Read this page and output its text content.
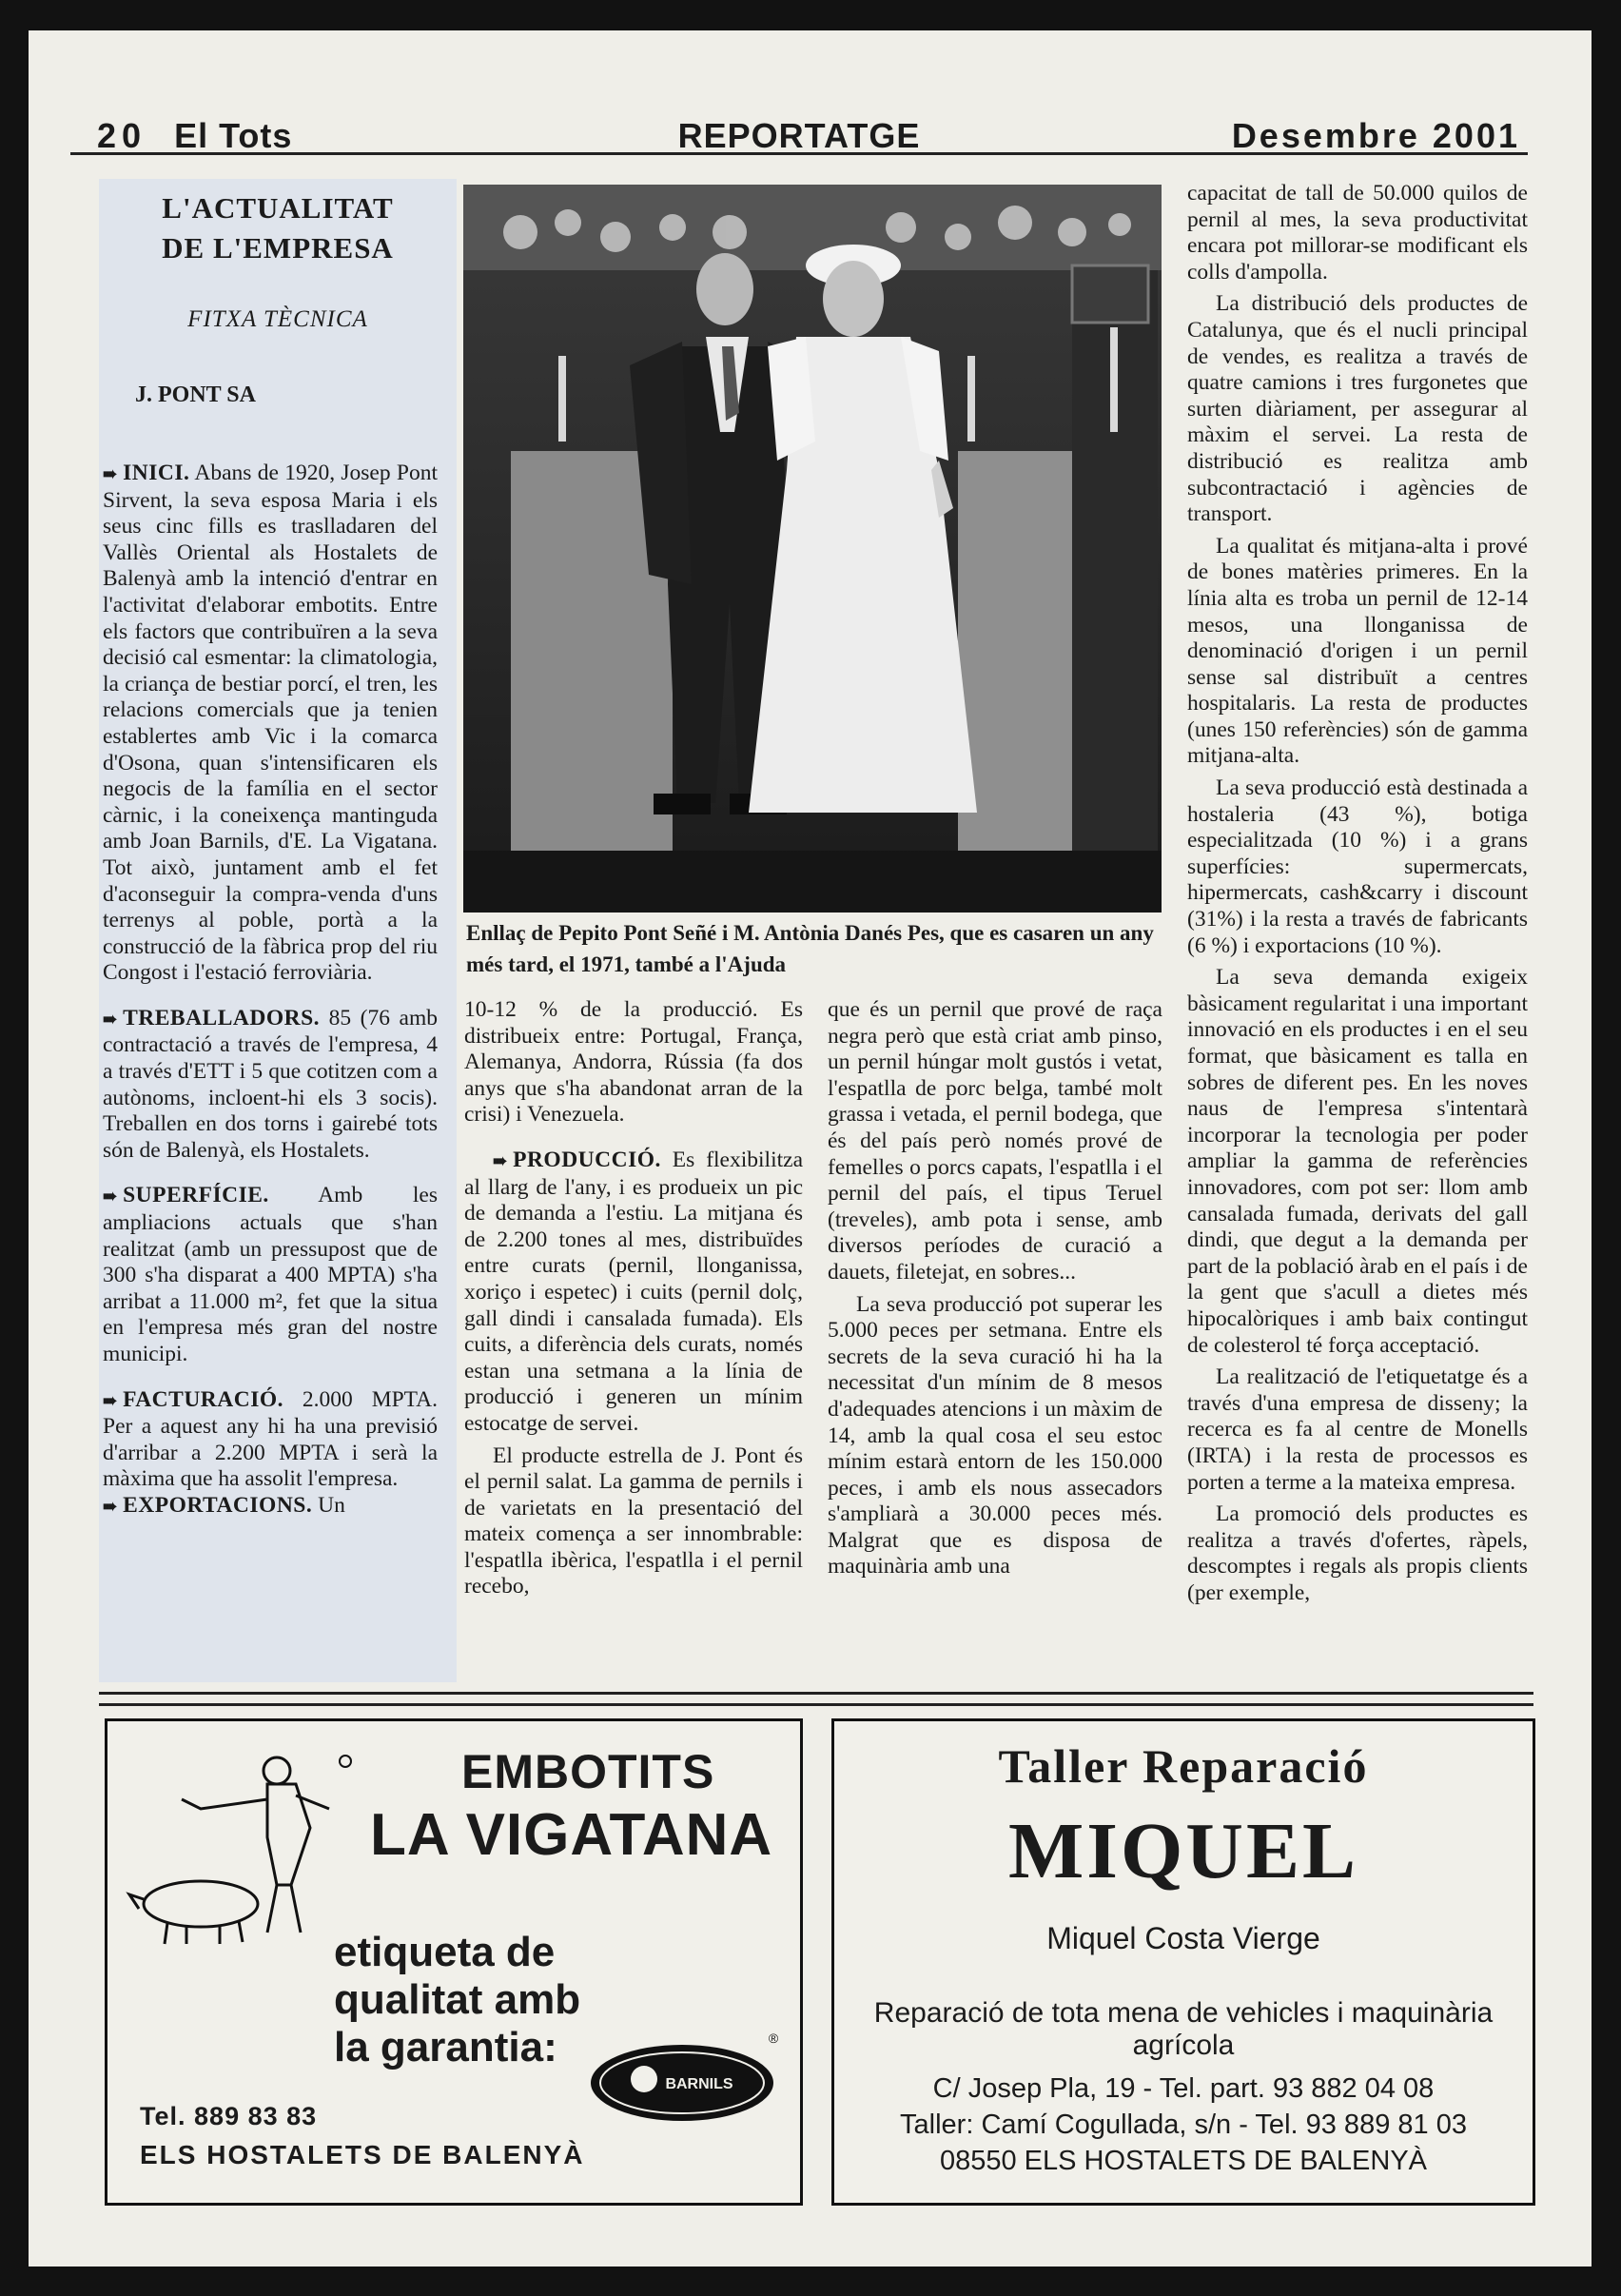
20 El Tots	REPORTATGE	Desembre 2001
L'ACTUALITAT
DE L'EMPRESA
FITXA TÈCNICA
J. PONT SA

➠ INICI. Abans de 1920, Josep Pont Sirvent, la seva esposa Maria i els seus cinc fills es traslladaren del Vallès Oriental als Hostalets de Balenyà amb la intenció d'entrar en l'activitat d'elaborar embotits. Entre els factors que contribuïren a la seva decisió cal esmentar: la climatologia, la criança de bestiar porcí, el tren, les relacions comercials que ja tenien establertes amb Vic i la comarca d'Osona, quan s'intensificaren els negocis de la família en el sector càrnic, i la coneixença mantinguda amb Joan Barnils, d'E. La Vigatana. Tot això, juntament amb el fet d'aconseguir la compra-venda d'uns terrenys al poble, portà a la construcció de la fàbrica prop del riu Congost i l'estació ferroviària.

➠ TREBALLADORS. 85 (76 amb contractació a través de l'empresa, 4 a través d'ETT i 5 que cotitzen com a autònoms, incloent-hi els 3 socis). Treballen en dos torns i gairebé tots són de Balenyà, els Hostalets.

➠ SUPERFÍCIE. Amb les ampliacions actuals que s'han realitzat (amb un pressupost que de 300 s'ha disparat a 400 MPTA) s'ha arribat a 11.000 m², fet que la situa en l'empresa més gran del nostre municipi.

➠ FACTURACIÓ. 2.000 MPTA. Per a aquest any hi ha una previsió d'arribar a 2.200 MPTA i serà la màxima que ha assolit l'empresa.

➠ EXPORTACIONS. Un

Enllaç de Pepito Pont Señé i M. Antònia Danés Pes, que es casaren un any més tard, el 1971, també a l'Ajuda

10-12 % de la producció. Es distribueix entre: Portugal, França, Alemanya, Andorra, Rússia (fa dos anys que s'ha abandonat arran de la crisi) i Venezuela.

➠ PRODUCCIÓ. Es flexibilitza al llarg de l'any, i es produeix un pic de demanda a l'estiu. La mitjana és de 2.200 tones al mes, distribuïdes entre curats (pernil, llonganissa, xoriço i espetec) i cuits (pernil dolç, gall dindi i cansalada fumada). Els cuits, a diferència dels curats, només estan una setmana a la línia de producció i generen un mínim estocatge de servei.

El producte estrella de J. Pont és el pernil salat. La gamma de pernils i de varietats en la presentació del mateix comença a ser innombrable: l'espatlla ibèrica, l'espatlla i el pernil recebo,

que és un pernil que prové de raça negra però que està criat amb pinso, un pernil húngar molt gustós i vetat, l'espatlla de porc belga, també molt grassa i vetada, el pernil bodega, que és del país però només prové de femelles o porcs capats, l'espatlla i el pernil del país, el tipus Teruel (treveles), amb pota i sense, amb diversos períodes de curació a dauets, filetejat, en sobres...

La seva producció pot superar les 5.000 peces per setmana. Entre els secrets de la seva curació hi ha la necessitat d'un mínim de 8 mesos d'adequades atencions i un màxim de 14, amb la qual cosa el seu estoc mínim estarà entorn de les 150.000 peces, i amb els nous assecadors s'ampliarà a 30.000 peces més. Malgrat que es disposa de maquinària amb una

capacitat de tall de 50.000 quilos de pernil al mes, la seva productivitat encara pot millorar-se modificant els colls d'ampolla.

La distribució dels productes de Catalunya, que és el nucli principal de vendes, es realitza a través de quatre camions i tres furgonetes que surten diàriament, per assegurar al màxim el servei. La resta de distribució es realitza amb subcontractació i agències de transport.

La qualitat és mitjana-alta i prové de bones matèries primeres. En la línia alta es troba un pernil de 12-14 mesos, una llonganissa de denominació d'origen i un pernil sense sal distribuït a centres hospitalaris. La resta de productes (unes 150 referències) són de gamma mitjana-alta.

La seva producció està destinada a hostaleria (43 %), botiga especialitzada (10 %) i a grans superfícies: supermercats, hipermercats, cash&carry i discount (31%) i la resta a través de fabricants (6 %) i exportacions (10 %).

La seva demanda exigeix bàsicament regularitat i una important innovació en els productes i en el seu format, que bàsicament es talla en sobres de diferent pes. En les noves naus de l'empresa s'intentarà incorporar la tecnologia per poder ampliar la gamma de referències innovadores, com pot ser: llom amb cansalada fumada, derivats del gall dindi, que degut a la demanda per part de la població àrab en el país i de la gent que s'acull a dietes més hipocalòriques i amb baix contingut de colesterol té força acceptació.

La realització de l'etiquetatge és a través d'una empresa de disseny; la recerca es fa al centre de Monells (IRTA) i la resta de processos es porten a terme a la mateixa empresa.

La promoció dels productes es realitza a través d'ofertes, ràpels, descomptes i regals als propis clients (per exemple,

EMBOTITS
LA VIGATANA
etiqueta de
qualitat amb
la garantia:
BARNILS
®
Tel. 889 83 83
ELS HOSTALETS DE BALENYÀ
Taller Reparació
MIQUEL
Miquel Costa Vierge
Reparació de tota mena de vehicles i maquinària agrícola
C/ Josep Pla, 19 - Tel. part. 93 882 04 08
Taller: Camí Cogullada, s/n - Tel. 93 889 81 03
08550 ELS HOSTALETS DE BALENYÀ
